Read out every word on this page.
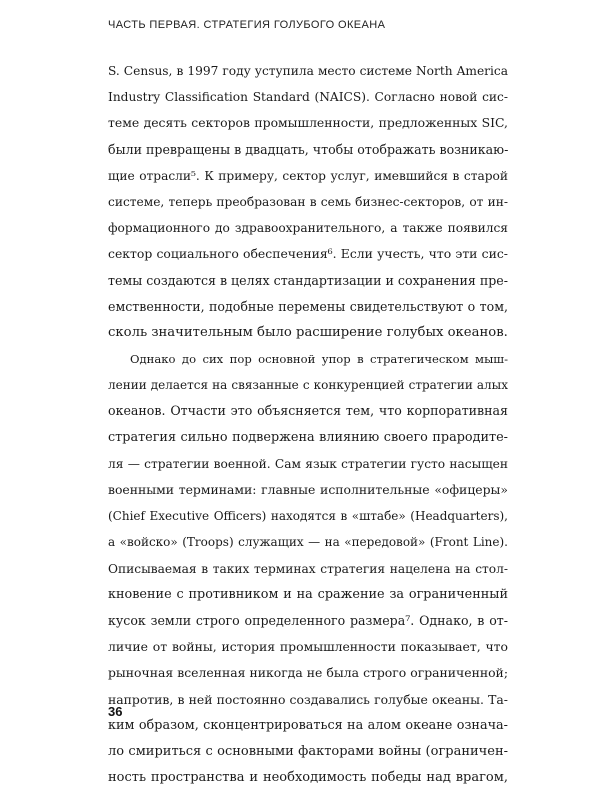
ЧАСТЬ ПЕРВАЯ. СТРАТЕГИЯ ГОЛУБОГО ОКЕАНА
S. Census, в 1997 году уступила место системе North America
Industry Classification Standard (NAICS). Согласно новой сис-
теме десять секторов промышленности, предложенных SIC,
были превращены в двадцать, чтобы отображать возникаю-
щие отрасли⁵. К примеру, сектор услуг, имевшийся в старой
системе, теперь преобразован в семь бизнес-секторов, от ин-
формационного до здравоохранительного, а также появился
сектор социального обеспечения⁶. Если учесть, что эти сис-
темы создаются в целях стандартизации и сохранения пре-
емственности, подобные перемены свидетельствуют о том,
сколь значительным было расширение голубых океанов.
Однако до сих пор основной упор в стратегическом мыш-
лении делается на связанные с конкуренцией стратегии алых
океанов. Отчасти это объясняется тем, что корпоративная
стратегия сильно подвержена влиянию своего прародите-
ля — стратегии военной. Сам язык стратегии густо насыщен
военными терминами: главные исполнительные «офицеры»
(Chief Executive Officers) находятся в «штабе» (Headquarters),
а «войско» (Troops) служащих — на «передовой» (Front Line).
Описываемая в таких терминах стратегия нацелена на стол-
кновение с противником и на сражение за ограниченный
кусок земли строго определенного размера⁷. Однако, в от-
личие от войны, история промышленности показывает, что
рыночная вселенная никогда не была строго ограниченной;
напротив, в ней постоянно создавались голубые океаны. Та-
ким образом, сконцентрироваться на алом океане означа-
ло смириться с основными факторами войны (ограничен-
ность пространства и необходимость победы над врагом,
36
